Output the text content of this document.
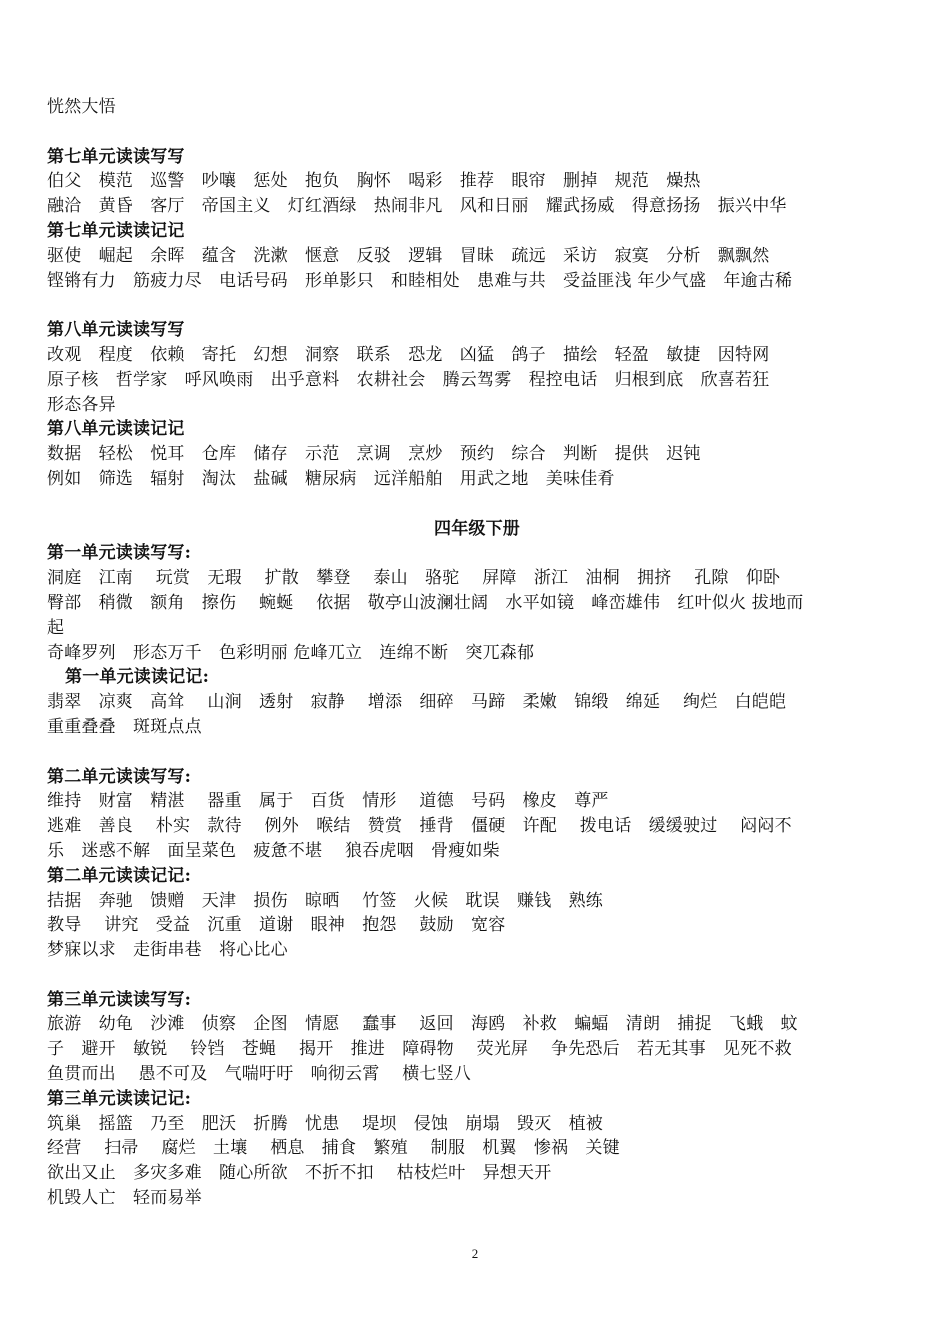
恍然大悟
第七单元读读写写
伯父　模范　巡警　吵嚷　惩处　抱负　胸怀　喝彩　推荐　眼帘　删掉　规范　燥热
融洽　黄昏　客厅　帝国主义　灯红酒绿　热闹非凡　风和日丽　耀武扬威　得意扬扬　振兴中华
第七单元读读记记
驱使　崛起　余晖　蕴含　洗漱　惬意　反驳　逻辑　冒昧　疏远　采访　寂寞　分析　飘飘然
铿锵有力　筋疲力尽　电话号码　形单影只　和睦相处　患难与共　受益匪浅 年少气盛　年逾古稀
第八单元读读写写
改观　程度　依赖　寄托　幻想　洞察　联系　恐龙　凶猛　鸽子　描绘　轻盈　敏捷　因特网
原子核　哲学家　呼风唤雨　出乎意料　农耕社会　腾云驾雾　程控电话　归根到底　欣喜若狂
形态各异
第八单元读读记记
数据　轻松　悦耳　仓库　储存　示范　烹调　烹炒　预约　综合　判断　提供　迟钝
例如　筛选　辐射　淘汰　盐碱　糖尿病　远洋船舶　用武之地　美味佳肴
四年级下册
第一单元读读写写:
洞庭　江南　 玩赏　无瑕　 扩散　攀登　 泰山　骆驼　 屏障　浙江　油桐　拥挤　 孔隙　仰卧
臀部　稍微　额角　擦伤　 蜿蜒　 依据　敬亭山波澜壮阔　水平如镜　峰峦雄伟　红叶似火 拔地而
起
奇峰罗列　形态万千　色彩明丽 危峰兀立　连绵不断　突兀森郁
第一单元读读记记:
翡翠　凉爽　高耸　 山涧　透射　寂静　 增添　细碎　马蹄　柔嫩　锦缎　绵延　 绚烂　白皑皑
重重叠叠　斑斑点点
第二单元读读写写:
维持　财富　精湛　 器重　属于　百货　情形　 道德　号码　橡皮　尊严
逃难　善良　 朴实　款待　 例外　喉结　赞赏　捶背　僵硬　许配　 拨电话　缓缓驶过　 闷闷不
乐　迷惑不解　面呈菜色　疲惫不堪　 狼吞虎咽　骨瘦如柴
第二单元读读记记:
拮据　奔驰　馈赠　天津　损伤　晾晒　 竹签　火候　耽误　赚钱　熟练
教导　 讲究　受益　沉重　道谢　眼神　抱怨　 鼓励　宽容
梦寐以求　走街串巷　将心比心
第三单元读读写写:
旅游　幼龟　沙滩　侦察　企图　情愿　 蠢事　 返回　海鸥　补救　蝙蝠　清朗　捕捉　飞蛾　蚊
子　避开　敏锐　 铃铛　苍蝇　 揭开　推进　障碍物　 荧光屏　 争先恐后　若无其事　见死不救
鱼贯而出　 愚不可及　气喘吁吁　响彻云霄　 横七竖八
第三单元读读记记:
筑巢　摇篮　乃至　肥沃　折腾　忧患　 堤坝　侵蚀　崩塌　毁灭　植被
经营　 扫帚　 腐烂　土壤　 栖息　捕食　繁殖　 制服　机翼　惨祸　关键
欲出又止　多灾多难　随心所欲　不折不扣　 枯枝烂叶　异想天开
机毁人亡　轻而易举
2
